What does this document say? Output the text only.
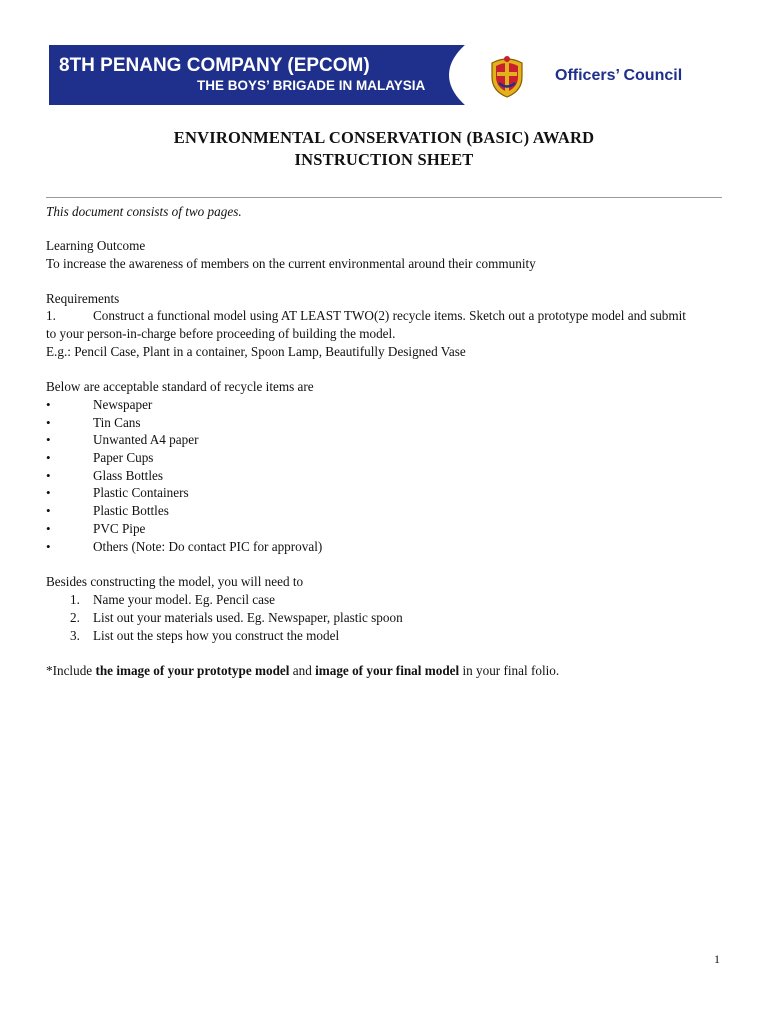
8TH PENANG COMPANY (EPCOM)
THE BOYS’ BRIGADE IN MALAYSIA
Officers’ Council
ENVIRONMENTAL CONSERVATION (BASIC) AWARD
INSTRUCTION SHEET
This document consists of two pages.
Learning Outcome
To increase the awareness of members on the current environmental around their community
Requirements
1.	Construct a functional model using AT LEAST TWO(2) recycle items. Sketch out a prototype model and submit
to your person-in-charge before proceeding of building the model.
E.g.: Pencil Case, Plant in a container, Spoon Lamp, Beautifully Designed Vase
Below are acceptable standard of recycle items are
•	Newspaper
•	Tin Cans
•	Unwanted A4 paper
•	Paper Cups
•	Glass Bottles
•	Plastic Containers
•	Plastic Bottles
•	PVC Pipe
•	Others (Note: Do contact PIC for approval)
Besides constructing the model, you will need to
1. Name your model. Eg. Pencil case
2. List out your materials used. Eg. Newspaper, plastic spoon
3. List out the steps how you construct the model
*Include the image of your prototype model and image of your final model in your final folio.
1
